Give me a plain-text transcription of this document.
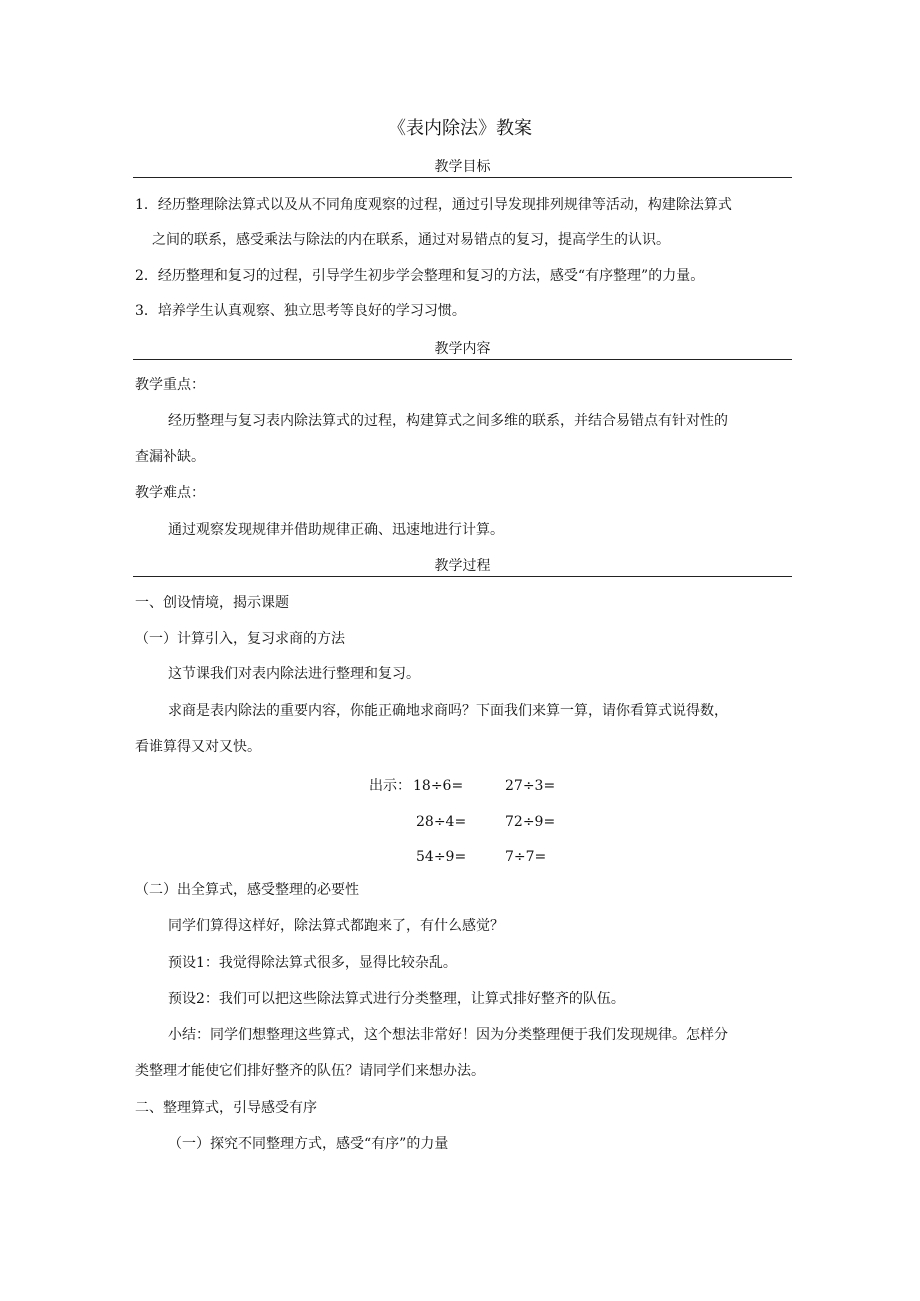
《表内除法》教案
教学目标
1．经历整理除法算式以及从不同角度观察的过程，通过引导发现排列规律等活动，构建除法算式
之间的联系，感受乘法与除法的内在联系，通过对易错点的复习，提高学生的认识。
2．经历整理和复习的过程，引导学生初步学会整理和复习的方法，感受“有序整理”的力量。
3．培养学生认真观察、独立思考等良好的学习习惯。
教学内容
教学重点：
经历整理与复习表内除法算式的过程，构建算式之间多维的联系，并结合易错点有针对性的
查漏补缺。
教学难点：
通过观察发现规律并借助规律正确、迅速地进行计算。
教学过程
一、创设情境，揭示课题
（一）计算引入，复习求商的方法
这节课我们对表内除法进行整理和复习。
求商是表内除法的重要内容，你能正确地求商吗？下面我们来算一算，请你看算式说得数，
看谁算得又对又快。
出示： 18÷6=	27÷3=
28÷4=	72÷9=
54÷9=	7÷7=
（二）出全算式，感受整理的必要性
同学们算得这样好，除法算式都跑来了，有什么感觉？
预设1：我觉得除法算式很多，显得比较杂乱。
预设2：我们可以把这些除法算式进行分类整理，让算式排好整齐的队伍。
小结：同学们想整理这些算式，这个想法非常好！因为分类整理便于我们发现规律。怎样分
类整理才能使它们排好整齐的队伍？请同学们来想办法。
二、整理算式，引导感受有序
（一）探究不同整理方式，感受“有序”的力量
